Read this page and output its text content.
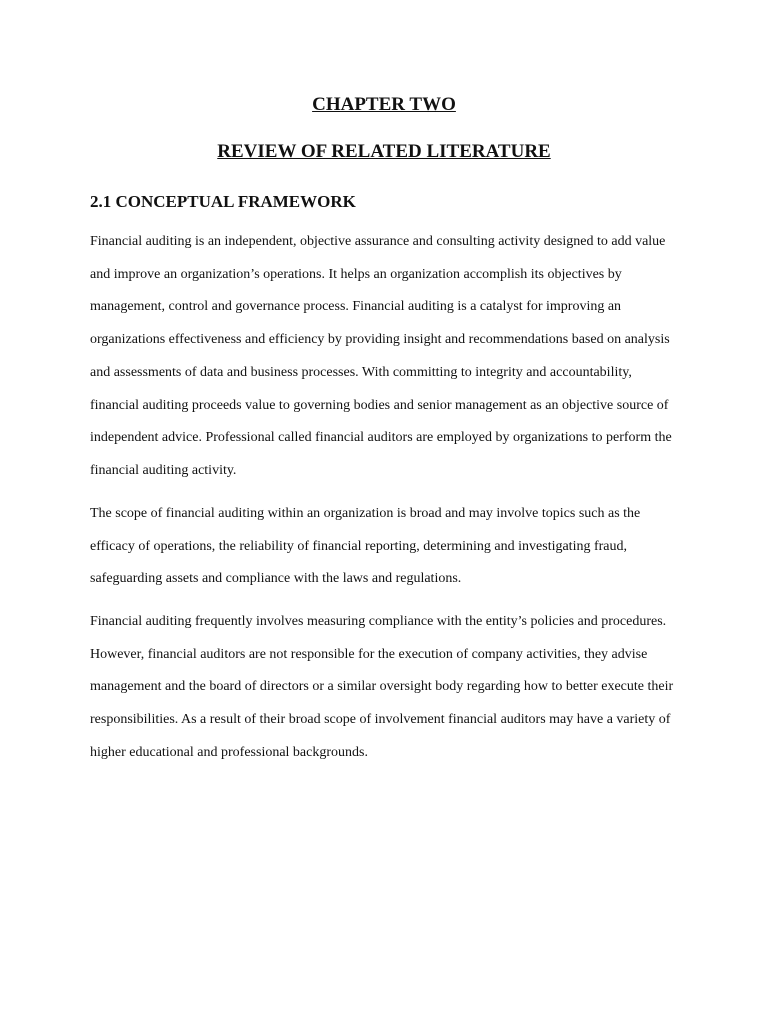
CHAPTER TWO
REVIEW OF RELATED LITERATURE
2.1 CONCEPTUAL FRAMEWORK

Financial auditing is an independent, objective assurance and consulting activity designed to add value
and improve an organization’s operations. It helps an organization accomplish its objectives by
management, control and governance process. Financial auditing is a catalyst for improving an
organizations effectiveness and efficiency by providing insight and recommendations based on analysis
and assessments of data and business processes. With committing to integrity and accountability,
financial auditing proceeds value to governing bodies and senior management as an objective source of
independent advice. Professional called financial auditors are employed by organizations to perform the
financial auditing activity.

The scope of financial auditing within an organization is broad and may involve topics such as the
efficacy of operations, the reliability of financial reporting, determining and investigating fraud,
safeguarding assets and compliance with the laws and regulations.

Financial auditing frequently involves measuring compliance with the entity’s policies and procedures.
However, financial auditors are not responsible for the execution of company activities, they advise
management and the board of directors or a similar oversight body regarding how to better execute their
responsibilities. As a result of their broad scope of involvement financial auditors may have a variety of
higher educational and professional backgrounds.
